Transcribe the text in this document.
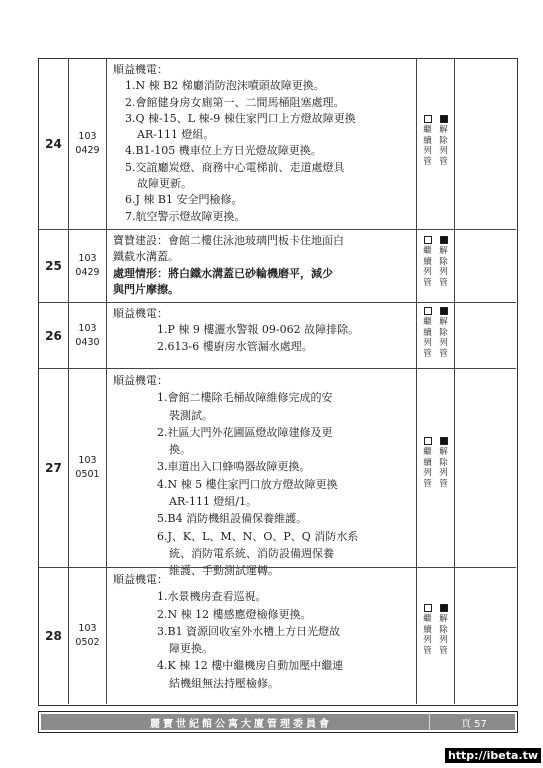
24
103
0429
順益機電：
1.N 棟 B2 梯廳消防泡沫噴頭故障更換。
2.會館健身房女廁第一、二間馬桶阻塞處理。
3.Q 棟-15、L 棟-9 棟住家門口上方燈故障更換
AR-111 燈組。
4.B1-105 機車位上方日光燈故障更換。
5.交誼廳炭燈、商務中心電梯前、走道處燈具
故障更新。
6.J 棟 B1 安全門檢修。
7.航空警示燈故障更換。
繼
續
列
管
解
除
列
管
25
103
0429
寶贊建設：會館二樓住泳池玻璃門板卡住地面白
鐵截水溝蓋。
處理情形：將白鐵水溝蓋已砂輪機磨平，減少
與門片摩擦。
繼
續
列
管
解
除
列
管
26
103
0430
順益機電：
1.P 棟 9 樓灑水警報 09-062 故障排除。
2.613-6 樓廚房水管漏水處理。
繼
續
列
管
解
除
列
管
27
103
0501
順益機電：
1.會館二樓除毛桶故障維修完成的安
裝測試。
2.社區大門外花圃區燈故障建修及更
換。
3.車道出入口蜂鳴器故障更換。
4.N 棟 5 樓住家門口放方燈故障更換
AR-111 燈組/1。
5.B4 消防機組設備保養維護。
6.J、K、L、M、N、O、P、Q 消防水系
統、消防電系統、消防設備週保養
維護、手動測試運轉。
繼
續
列
管
解
除
列
管
28
103
0502
順益機電：
1.水景機房查看巡視。
2.N 棟 12 樓感應燈檢修更換。
3.B1 資源回收室外水槽上方日光燈故
障更換。
4.K 棟 12 樓中繼機房自動加壓中繼連
結機組無法持壓檢修。
繼
續
列
管
解
除
列
管
麗寶世紀館公寓大廈管理委員會	頁 57
http://ibeta.tw
